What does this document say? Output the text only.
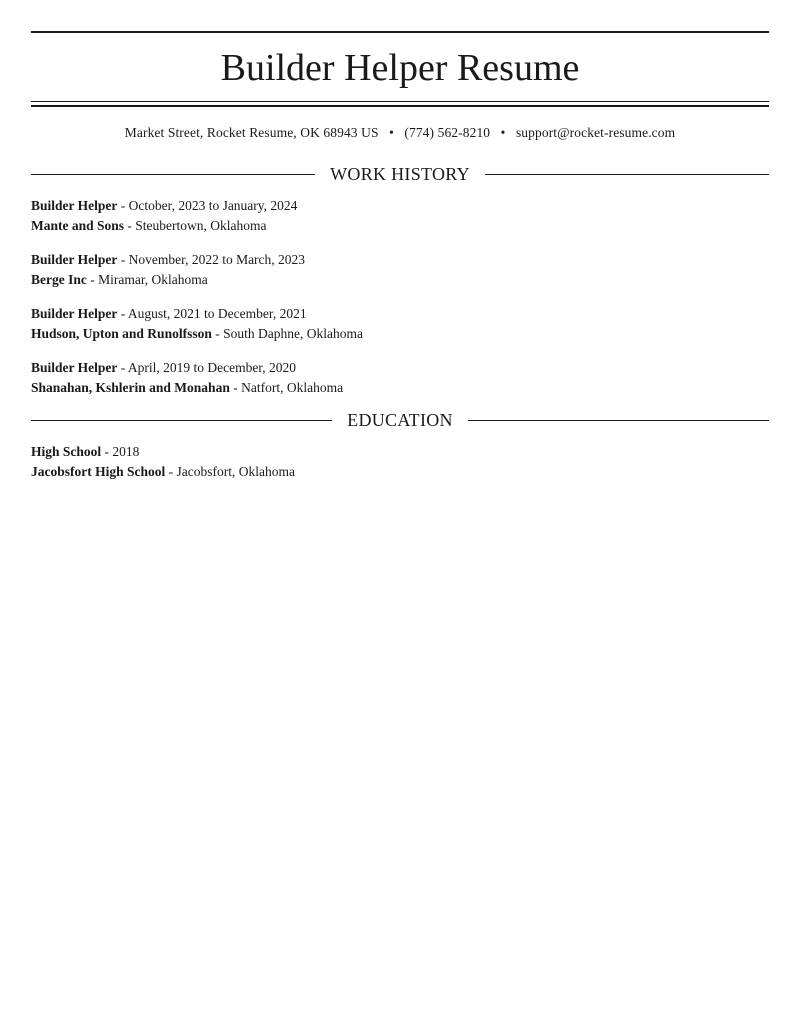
Builder Helper Resume
Market Street, Rocket Resume, OK 68943 US • (774) 562-8210 • support@rocket-resume.com
WORK HISTORY
Builder Helper - October, 2023 to January, 2024
Mante and Sons - Steubertown, Oklahoma
Builder Helper - November, 2022 to March, 2023
Berge Inc - Miramar, Oklahoma
Builder Helper - August, 2021 to December, 2021
Hudson, Upton and Runolfsson - South Daphne, Oklahoma
Builder Helper - April, 2019 to December, 2020
Shanahan, Kshlerin and Monahan - Natfort, Oklahoma
EDUCATION
High School - 2018
Jacobsfort High School - Jacobsfort, Oklahoma
